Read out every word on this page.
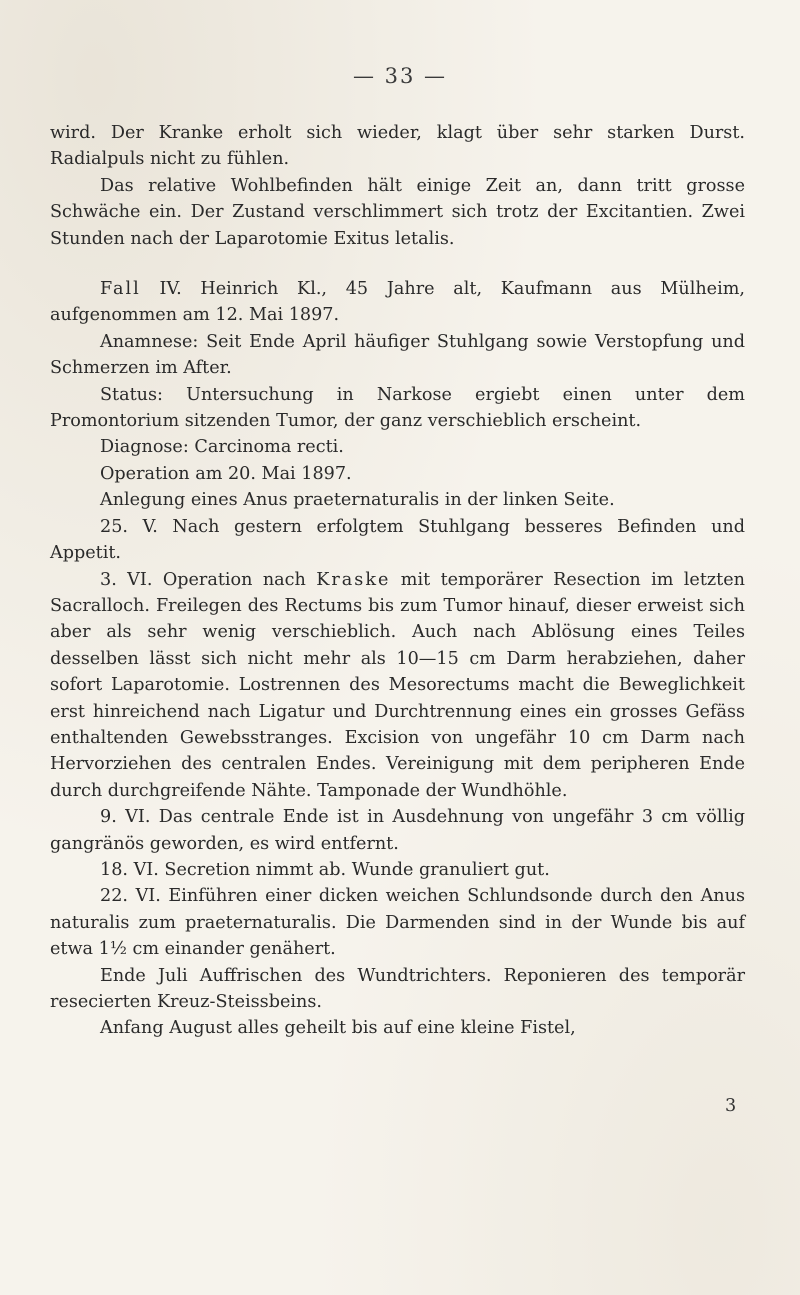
— 33 —

wird. Der Kranke erholt sich wieder, klagt über sehr starken Durst. Radialpuls nicht zu fühlen.

Das relative Wohlbefinden hält einige Zeit an, dann tritt grosse Schwäche ein. Der Zustand verschlimmert sich trotz der Excitantien. Zwei Stunden nach der Laparotomie Exitus letalis.

Fall IV. Heinrich Kl., 45 Jahre alt, Kaufmann aus Mülheim, aufgenommen am 12. Mai 1897.

Anamnese: Seit Ende April häufiger Stuhlgang sowie Verstopfung und Schmerzen im After.

Status: Untersuchung in Narkose ergiebt einen unter dem Promontorium sitzenden Tumor, der ganz verschieblich erscheint.

Diagnose: Carcinoma recti.

Operation am 20. Mai 1897.

Anlegung eines Anus praeternaturalis in der linken Seite.

25. V. Nach gestern erfolgtem Stuhlgang besseres Befinden und Appetit.

3. VI. Operation nach Kraske mit temporärer Resection im letzten Sacralloch. Freilegen des Rectums bis zum Tumor hinauf, dieser erweist sich aber als sehr wenig verschieblich. Auch nach Ablösung eines Teiles desselben lässt sich nicht mehr als 10—15 cm Darm herabziehen, daher sofort Laparotomie. Lostrennen des Mesorectums macht die Beweglichkeit erst hinreichend nach Ligatur und Durchtrennung eines ein grosses Gefäss enthaltenden Gewebsstranges. Excision von ungefähr 10 cm Darm nach Hervorziehen des centralen Endes. Vereinigung mit dem peripheren Ende durch durchgreifende Nähte. Tamponade der Wundhöhle.

9. VI. Das centrale Ende ist in Ausdehnung von ungefähr 3 cm völlig gangränös geworden, es wird entfernt.

18. VI. Secretion nimmt ab. Wunde granuliert gut.

22. VI. Einführen einer dicken weichen Schlundsonde durch den Anus naturalis zum praeternaturalis. Die Darmenden sind in der Wunde bis auf etwa 1½ cm einander genähert.

Ende Juli Auffrischen des Wundtrichters. Reponieren des temporär resecierten Kreuz-Steissbeins.

Anfang August alles geheilt bis auf eine kleine Fistel,

3
